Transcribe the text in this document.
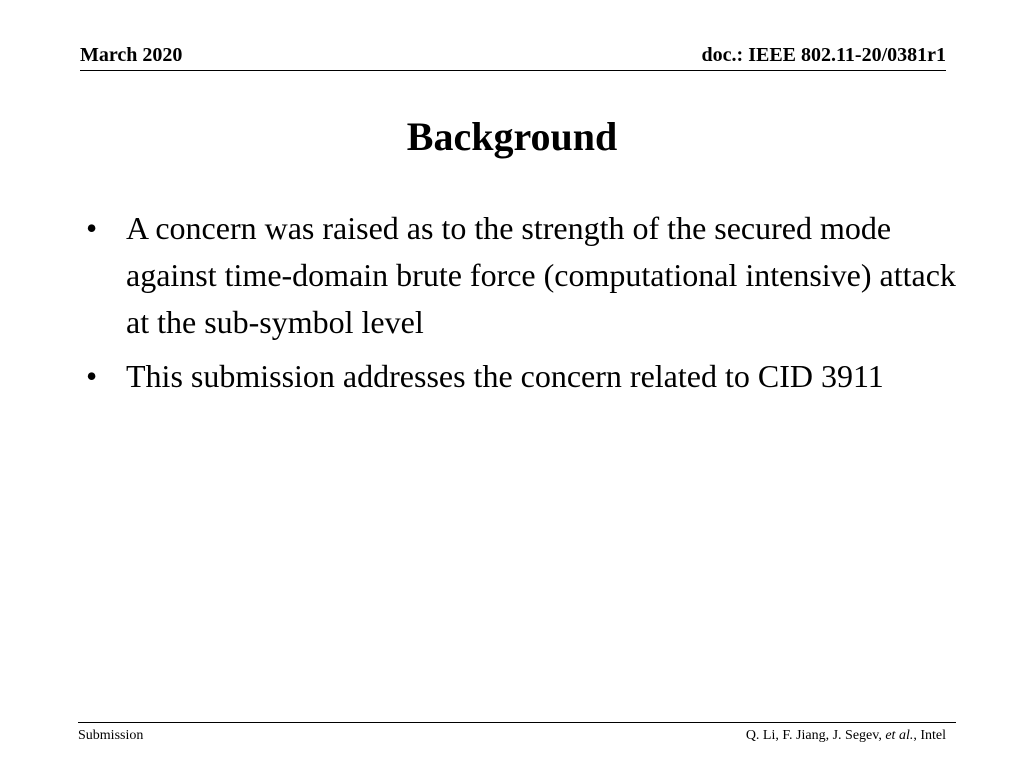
March 2020	doc.: IEEE 802.11-20/0381r1
Background
• A concern was raised as to the strength of the secured mode against time-domain brute force (computational intensive) attack at the sub-symbol level
• This submission addresses the concern related to CID 3911
Submission	Q. Li, F. Jiang, J. Segev, et al., Intel
